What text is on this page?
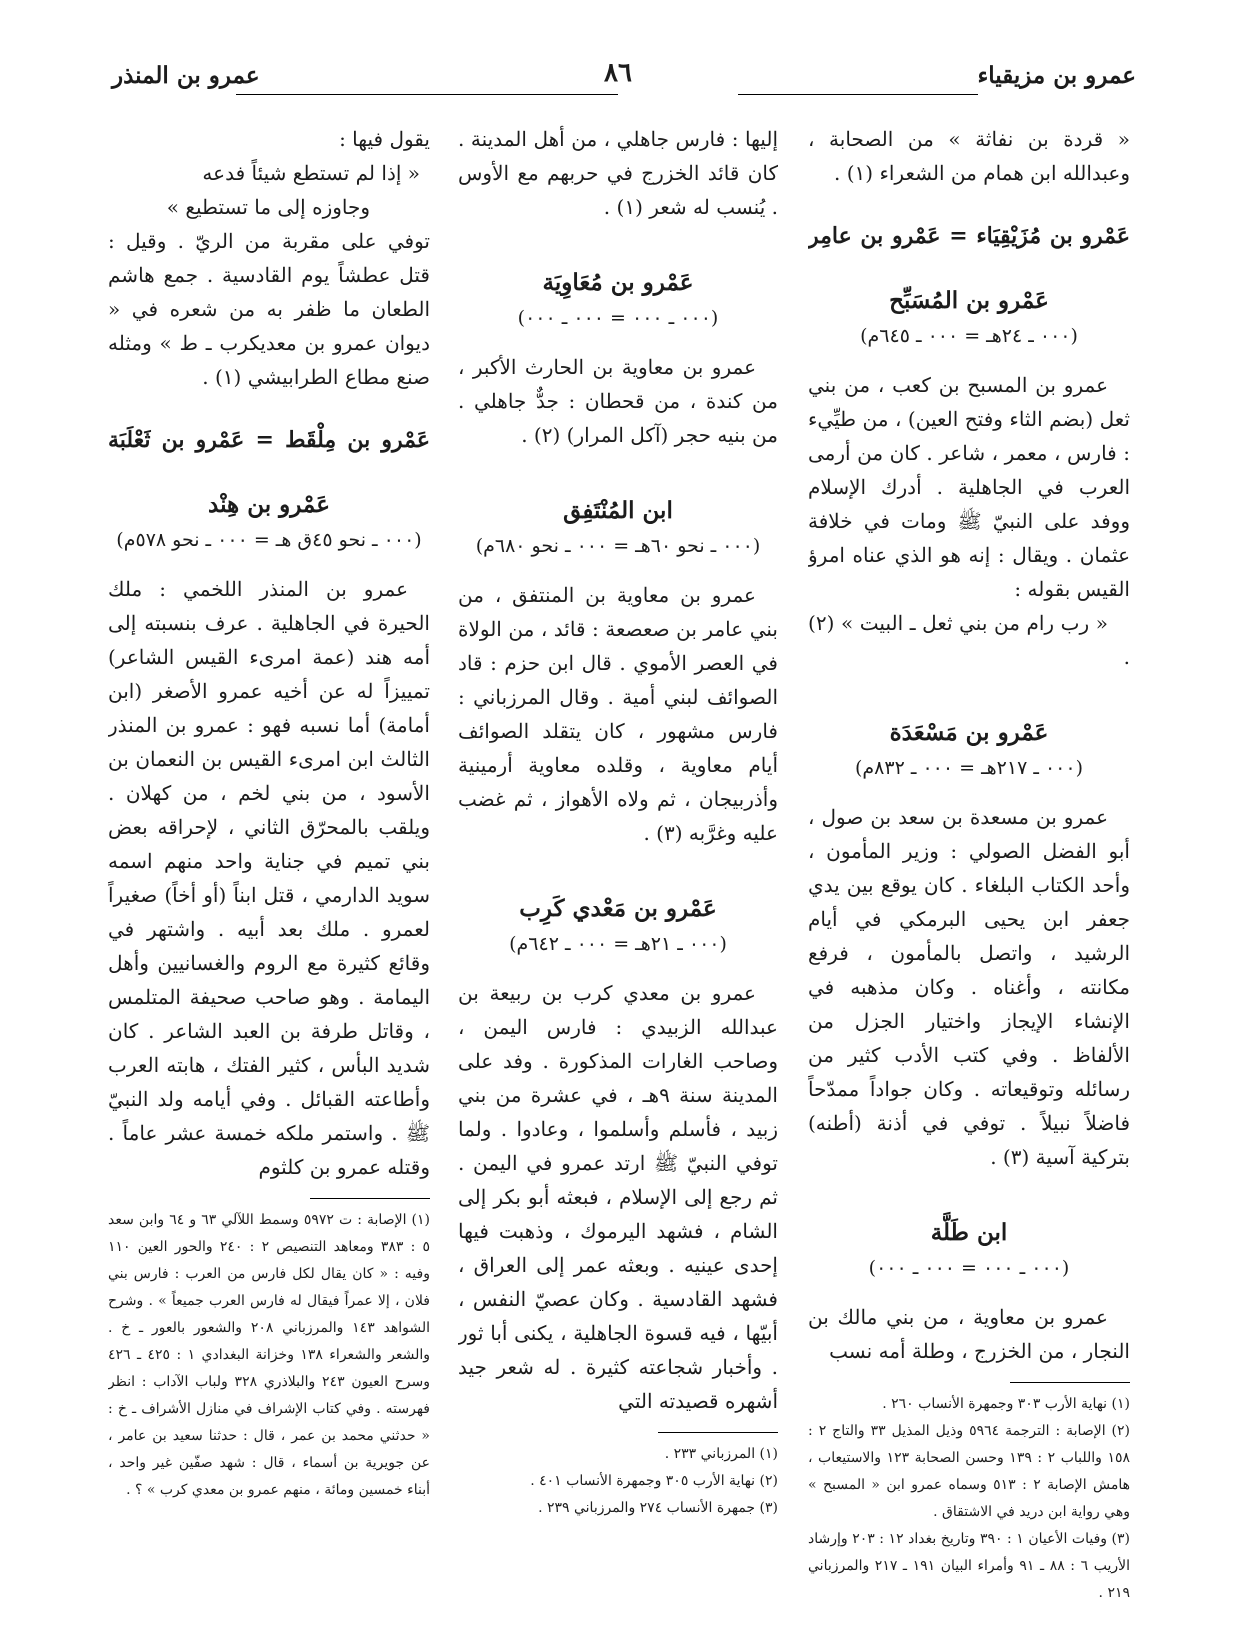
عمرو بن مزيقياء
٨٦
عمرو بن المنذر

« قردة بن نفاثة » من الصحابة ، وعبدالله ابن همام من الشعراء (١) .

عَمْرو بن مُزَيْقِيَاء = عَمْرو بن عامِر

عَمْرو بن المُسَبِّح

(٠٠٠ ـ ٢٤هـ = ٠٠٠ ـ ٦٤٥م)

عمرو بن المسبح بن كعب ، من بني ثعل (بضم الثاء وفتح العين) ، من طيِّيء : فارس ، معمر ، شاعر . كان من أرمى العرب في الجاهلية . أدرك الإسلام ووفد على النبيّ ﷺ ومات في خلافة عثمان . ويقال : إنه هو الذي عناه امرؤ القيس بقوله :

« رب رام من بني ثعل ـ البيت » (٢) .

عَمْرو بن مَسْعَدَة

(٠٠٠ ـ ٢١٧هـ = ٠٠٠ ـ ٨٣٢م)

عمرو بن مسعدة بن سعد بن صول ، أبو الفضل الصولي : وزير المأمون ، وأحد الكتاب البلغاء . كان يوقع بين يدي جعفر ابن يحيى البرمكي في أيام الرشيد ، واتصل بالمأمون ، فرفع مكانته ، وأغناه . وكان مذهبه في الإنشاء الإيجاز واختيار الجزل من الألفاظ . وفي كتب الأدب كثير من رسائله وتوقيعاته . وكان جواداً ممدّحاً فاضلاً نبيلاً . توفي في أذنة (أطنه) بتركية آسية (٣) .

ابن طَلَّة

(٠٠٠ ـ ٠٠٠ = ٠٠٠ ـ ٠٠٠)

عمرو بن معاوية ، من بني مالك بن النجار ، من الخزرج ، وطلة أمه نسب

(١) نهاية الأرب ٣٠٣ وجمهرة الأنساب ٢٦٠ .

(٢) الإصابة : الترجمة ٥٩٦٤ وذيل المذيل ٣٣ والتاج ٢ : ١٥٨ واللباب ٢ : ١٣٩ وحسن الصحابة ١٢٣ والاستيعاب ، هامش الإصابة ٢ : ٥١٣ وسماه عمرو ابن « المسبح » وهي رواية ابن دريد في الاشتقاق .

(٣) وفيات الأعيان ١ : ٣٩٠ وتاريخ بغداد ١٢ : ٢٠٣ وإرشاد الأريب ٦ : ٨٨ ـ ٩١ وأمراء البيان ١٩١ ـ ٢١٧ والمرزباني ٢١٩ .

إليها : فارس جاهلي ، من أهل المدينة . كان قائد الخزرج في حربهم مع الأوس . يُنسب له شعر (١) .

عَمْرو بن مُعَاوِيَة

(٠٠٠ ـ ٠٠٠ = ٠٠٠ ـ ٠٠٠)

عمرو بن معاوية بن الحارث الأكبر ، من كندة ، من قحطان : جدٌّ جاهلي . من بنيه حجر (آكل المرار) (٢) .

ابن المُنْتَفِق

(٠٠٠ ـ نحو ٦٠هـ = ٠٠٠ ـ نحو ٦٨٠م)

عمرو بن معاوية بن المنتفق ، من بني عامر بن صعصعة : قائد ، من الولاة في العصر الأموي . قال ابن حزم : قاد الصوائف لبني أمية . وقال المرزباني : فارس مشهور ، كان يتقلد الصوائف أيام معاوية ، وقلده معاوية أرمينية وأذربيجان ، ثم ولاه الأهواز ، ثم غضب عليه وغرَّبه (٣) .

عَمْرو بن مَعْدي كَرِب

(٠٠٠ ـ ٢١هـ = ٠٠٠ ـ ٦٤٢م)

عمرو بن معدي كرب بن ربيعة بن عبدالله الزبيدي : فارس اليمن ، وصاحب الغارات المذكورة . وفد على المدينة سنة ٩هـ ، في عشرة من بني زبيد ، فأسلم وأسلموا ، وعادوا . ولما توفي النبيّ ﷺ ارتد عمرو في اليمن . ثم رجع إلى الإسلام ، فبعثه أبو بكر إلى الشام ، فشهد اليرموك ، وذهبت فيها إحدى عينيه . وبعثه عمر إلى العراق ، فشهد القادسية . وكان عصيّ النفس ، أبيّها ، فيه قسوة الجاهلية ، يكنى أبا ثور . وأخبار شجاعته كثيرة . له شعر جيد أشهره قصيدته التي

(١) المرزباني ٢٣٣ .

(٢) نهاية الأرب ٣٠٥ وجمهرة الأنساب ٤٠١ .

(٣) جمهرة الأنساب ٢٧٤ والمرزباني ٢٣٩ .

يقول فيها :

« إذا لم تستطع شيئاً فدعه

وجاوزه إلى ما تستطيع »

توفي على مقربة من الريّ . وقيل : قتل عطشاً يوم القادسية . جمع هاشم الطعان ما ظفر به من شعره في « ديوان عمرو بن معديكرب ـ ط » ومثله صنع مطاع الطرابيشي (١) .

عَمْرو بن مِلْقَط = عَمْرو بن ثَعْلَبَة

عَمْرو بن هِنْد

(٠٠٠ ـ نحو ٤٥ق هـ = ٠٠٠ ـ نحو ٥٧٨م)

عمرو بن المنذر اللخمي : ملك الحيرة في الجاهلية . عرف بنسبته إلى أمه هند (عمة امرىء القيس الشاعر) تمييزاً له عن أخيه عمرو الأصغر (ابن أمامة) أما نسبه فهو : عمرو بن المنذر الثالث ابن امرىء القيس بن النعمان بن الأسود ، من بني لخم ، من كهلان . ويلقب بالمحرّق الثاني ، لإحراقه بعض بني تميم في جناية واحد منهم اسمه سويد الدارمي ، قتل ابناً (أو أخاً) صغيراً لعمرو . ملك بعد أبيه . واشتهر في وقائع كثيرة مع الروم والغسانيين وأهل اليمامة . وهو صاحب صحيفة المتلمس ، وقاتل طرفة بن العبد الشاعر . كان شديد البأس ، كثير الفتك ، هابته العرب وأطاعته القبائل . وفي أيامه ولد النبيّ ﷺ . واستمر ملكه خمسة عشر عاماً . وقتله عمرو بن كلثوم

(١) الإصابة : ت ٥٩٧٢ وسمط اللآلي ٦٣ و ٦٤ وابن سعد ٥ : ٣٨٣ ومعاهد التنصيص ٢ : ٢٤٠ والحور العين ١١٠ وفيه : « كان يقال لكل فارس من العرب : فارس بني فلان ، إلا عمراً فيقال له فارس العرب جميعاً » . وشرح الشواهد ١٤٣ والمرزباني ٢٠٨ والشعور بالعور ـ خ . والشعر والشعراء ١٣٨ وخزانة البغدادي ١ : ٤٢٥ ـ ٤٢٦ وسرح العيون ٢٤٣ والبلاذري ٣٢٨ ولباب الآداب : انظر فهرسته . وفي كتاب الإشراف في منازل الأشراف ـ خ : « حدثني محمد بن عمر ، قال : حدثنا سعيد بن عامر ، عن جويرية بن أسماء ، قال : شهد صفّين غير واحد ، أبناء خمسين ومائة ، منهم عمرو بن معدي كرب » ؟ .
